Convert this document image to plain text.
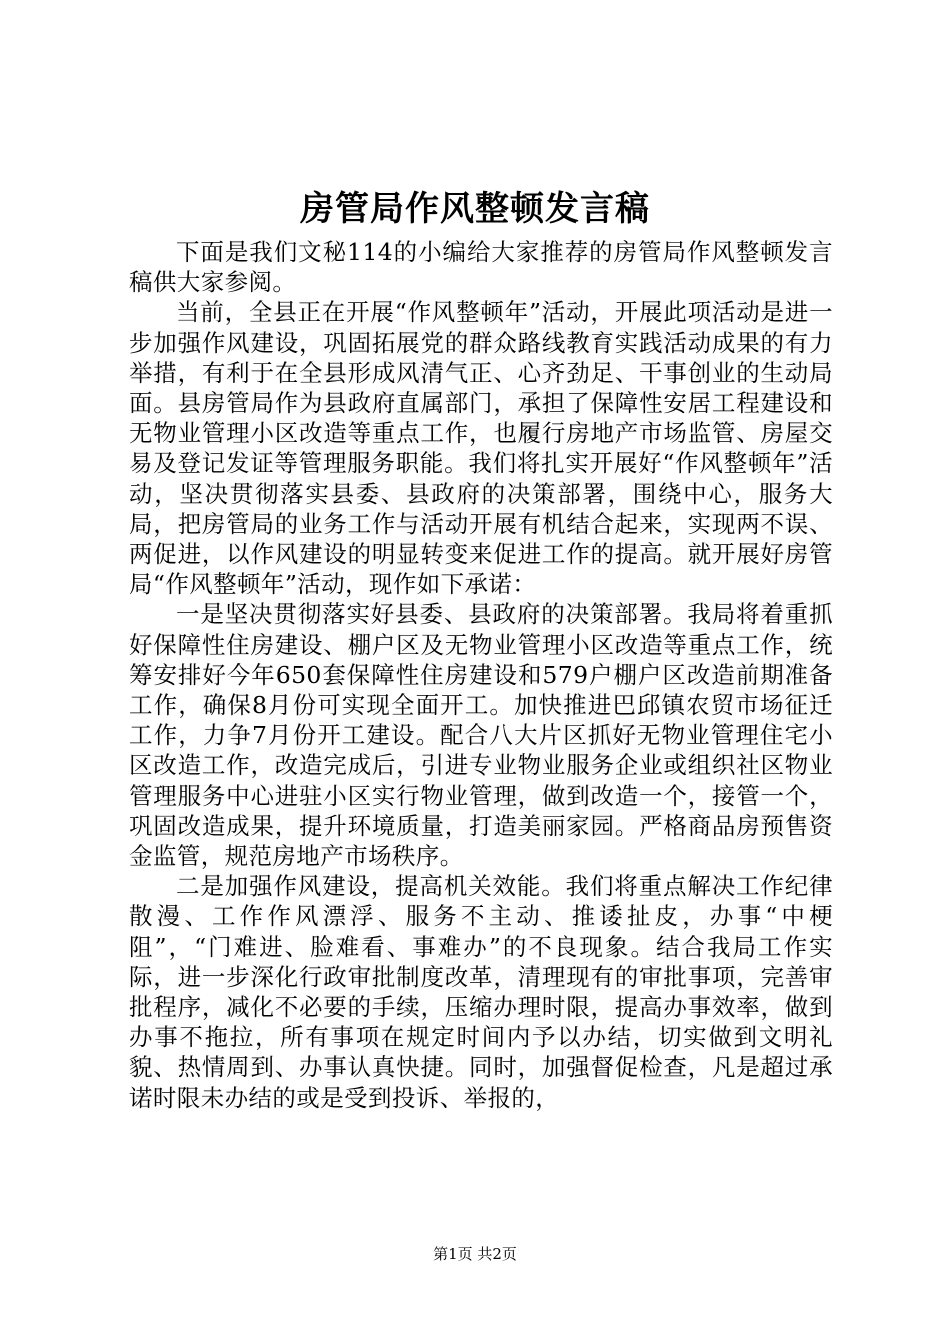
房管局作风整顿发言稿

下面是我们文秘114的小编给大家推荐的房管局作风整顿发言稿供大家参阅。

当前，全县正在开展“作风整顿年”活动，开展此项活动是进一步加强作风建设，巩固拓展党的群众路线教育实践活动成果的有力举措，有利于在全县形成风清气正、心齐劲足、干事创业的生动局面。县房管局作为县政府直属部门，承担了保障性安居工程建设和无物业管理小区改造等重点工作，也履行房地产市场监管、房屋交易及登记发证等管理服务职能。我们将扎实开展好“作风整顿年”活动，坚决贯彻落实县委、县政府的决策部署，围绕中心，服务大局，把房管局的业务工作与活动开展有机结合起来，实现两不误、两促进，以作风建设的明显转变来促进工作的提高。就开展好房管局“作风整顿年”活动，现作如下承诺：

一是坚决贯彻落实好县委、县政府的决策部署。我局将着重抓好保障性住房建设、棚户区及无物业管理小区改造等重点工作，统筹安排好今年650套保障性住房建设和579户棚户区改造前期准备工作，确保8月份可实现全面开工。加快推进巴邱镇农贸市场征迁工作，力争7月份开工建设。配合八大片区抓好无物业管理住宅小区改造工作，改造完成后，引进专业物业服务企业或组织社区物业管理服务中心进驻小区实行物业管理，做到改造一个，接管一个，巩固改造成果，提升环境质量，打造美丽家园。严格商品房预售资金监管，规范房地产市场秩序。

二是加强作风建设，提高机关效能。我们将重点解决工作纪律散漫、工作作风漂浮、服务不主动、推诿扯皮，办事“中梗阻”，“门难进、脸难看、事难办”的不良现象。结合我局工作实际，进一步深化行政审批制度改革，清理现有的审批事项，完善审批程序，减化不必要的手续，压缩办理时限，提高办事效率，做到办事不拖拉，所有事项在规定时间内予以办结，切实做到文明礼貌、热情周到、办事认真快捷。同时，加强督促检查，凡是超过承诺时限未办结的或是受到投诉、举报的，

第1页 共2页
